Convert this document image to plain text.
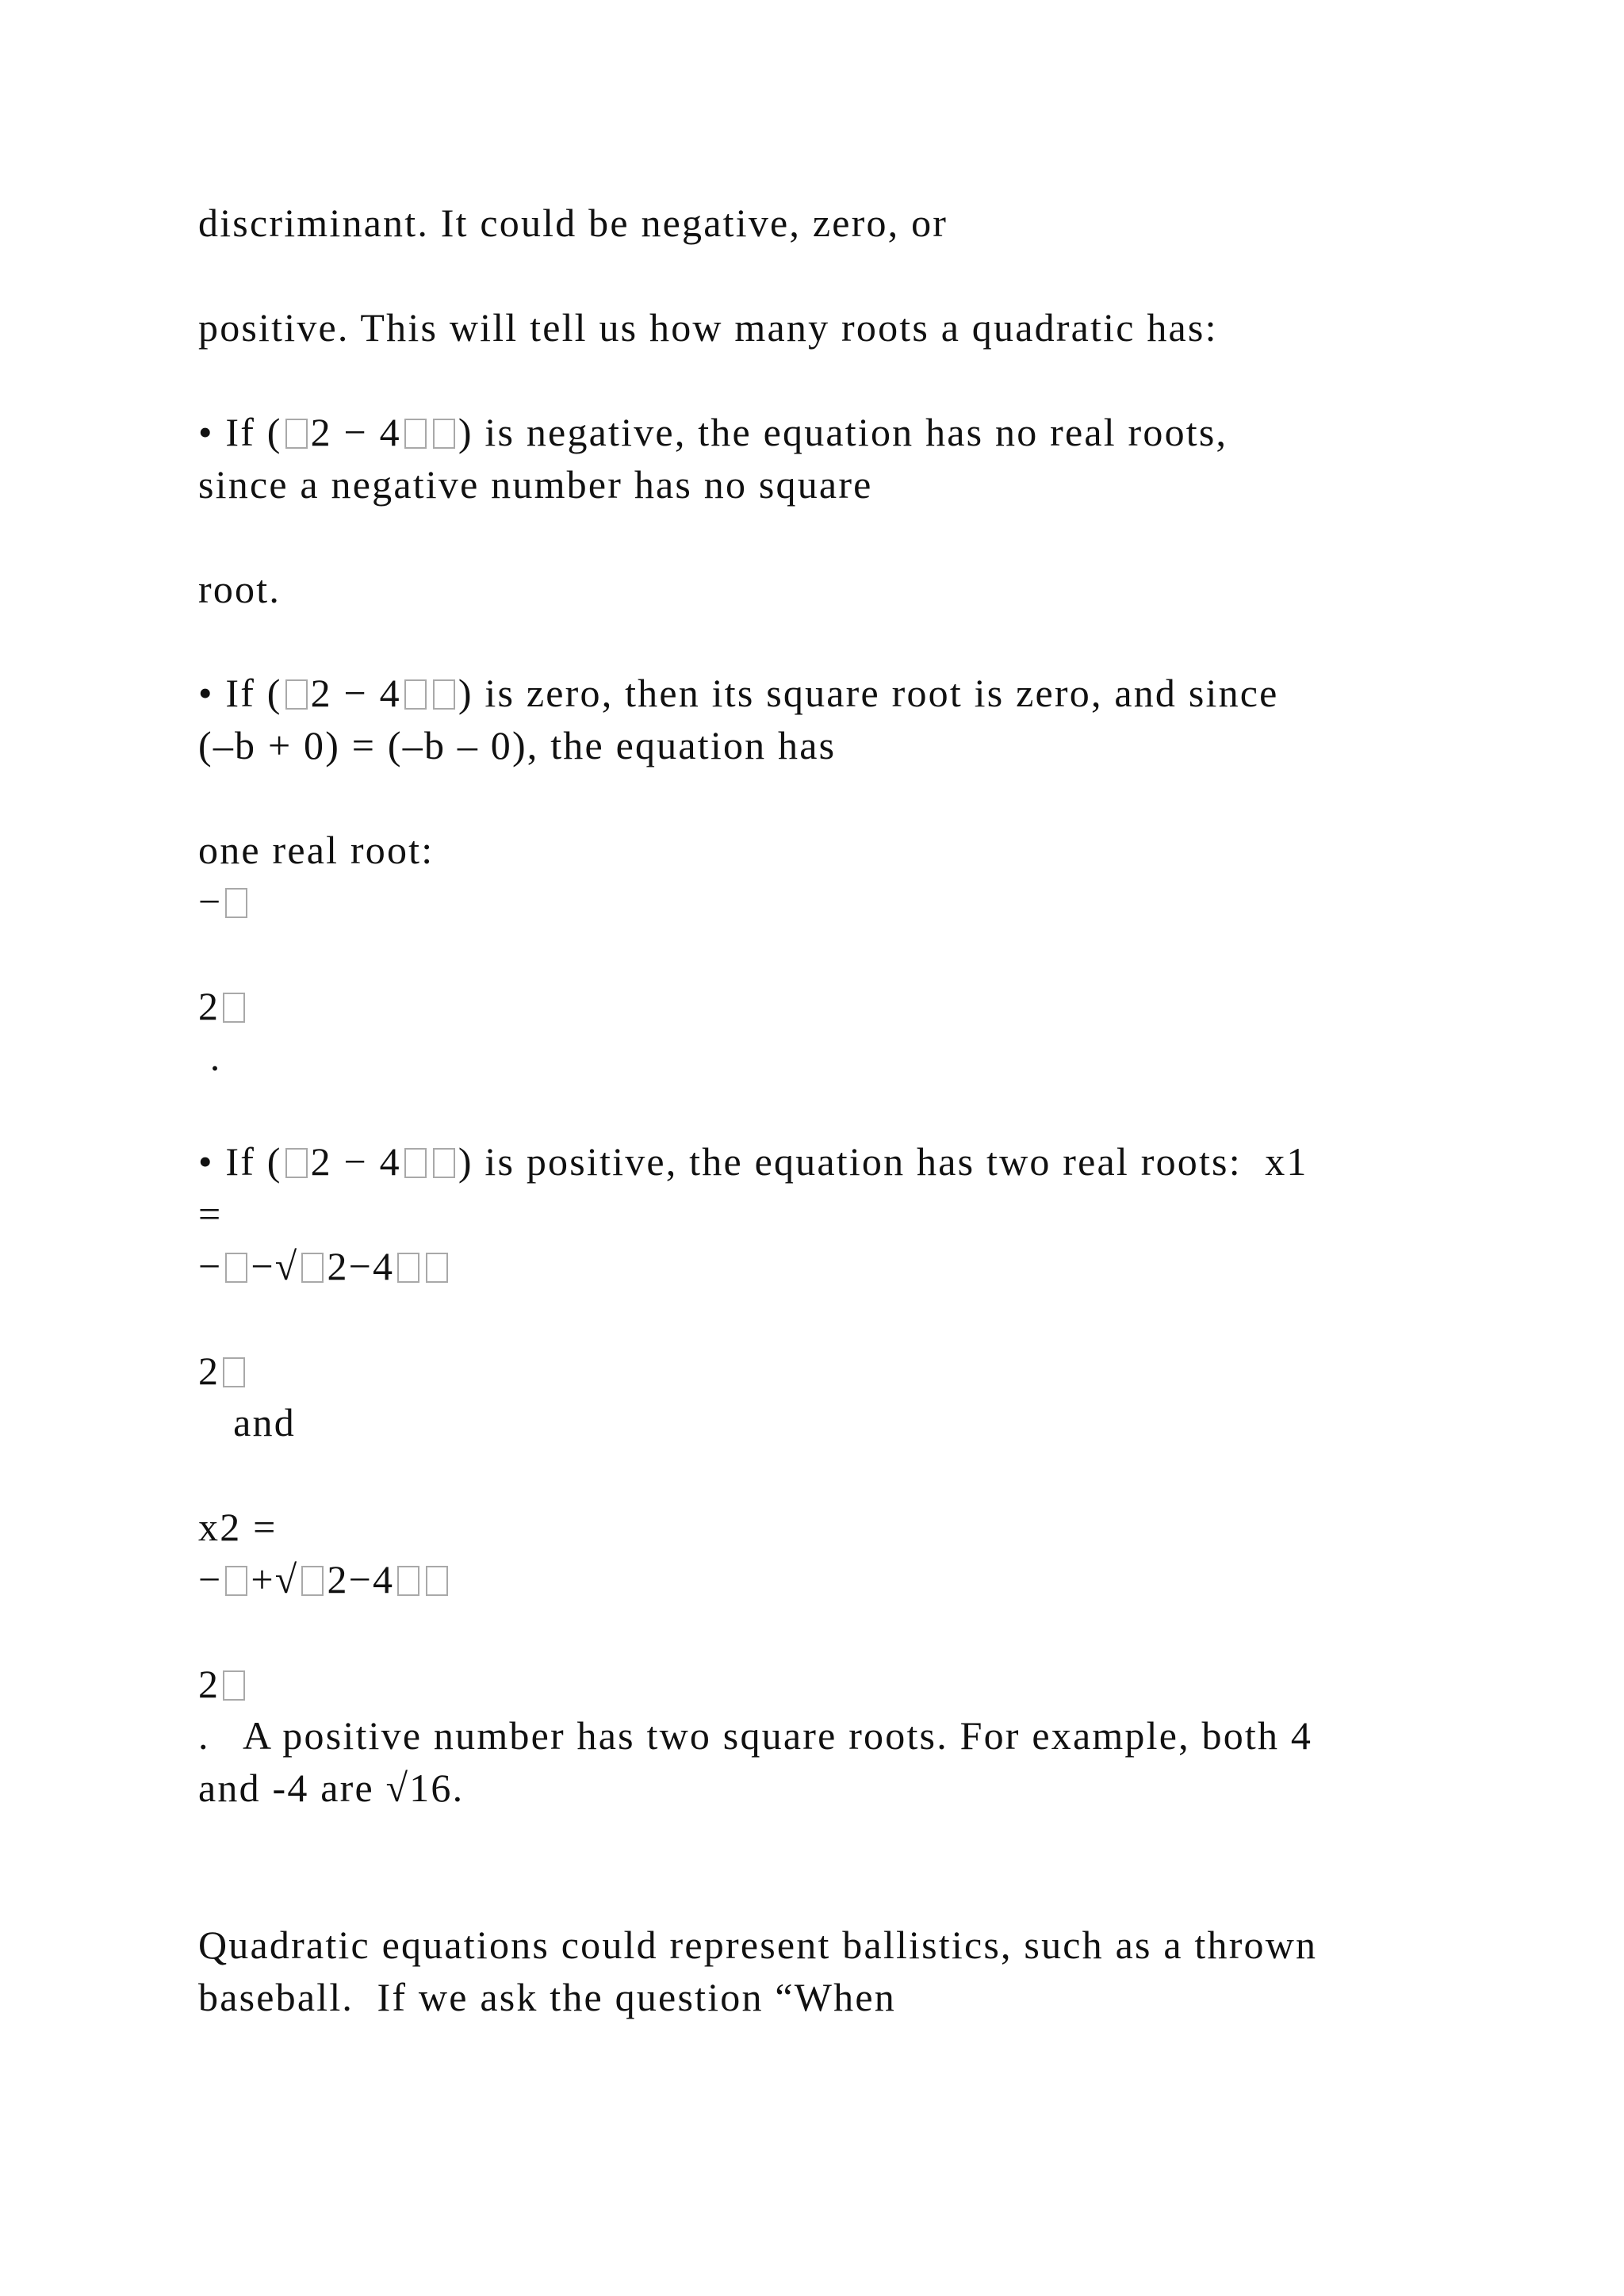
discriminant. It could be negative, zero, or

positive. This will tell us how many roots a quadratic has:

• If ( 2 − 4 ) is negative, the equation has no real roots,

since a negative number has no square

root.

• If ( 2 − 4 ) is zero, then its square root is zero, and since

(–b + 0) = (–b – 0), the equation has

one real root:

−

2

.

• If ( 2 − 4 ) is positive, the equation has two real roots:  x1

=

− −√ 2−4

2

and

x2 =

− +√ 2−4

2

.   A positive number has two square roots. For example, both 4

and -4 are √16.

Quadratic equations could represent ballistics, such as a thrown

baseball.  If we ask the question “When
